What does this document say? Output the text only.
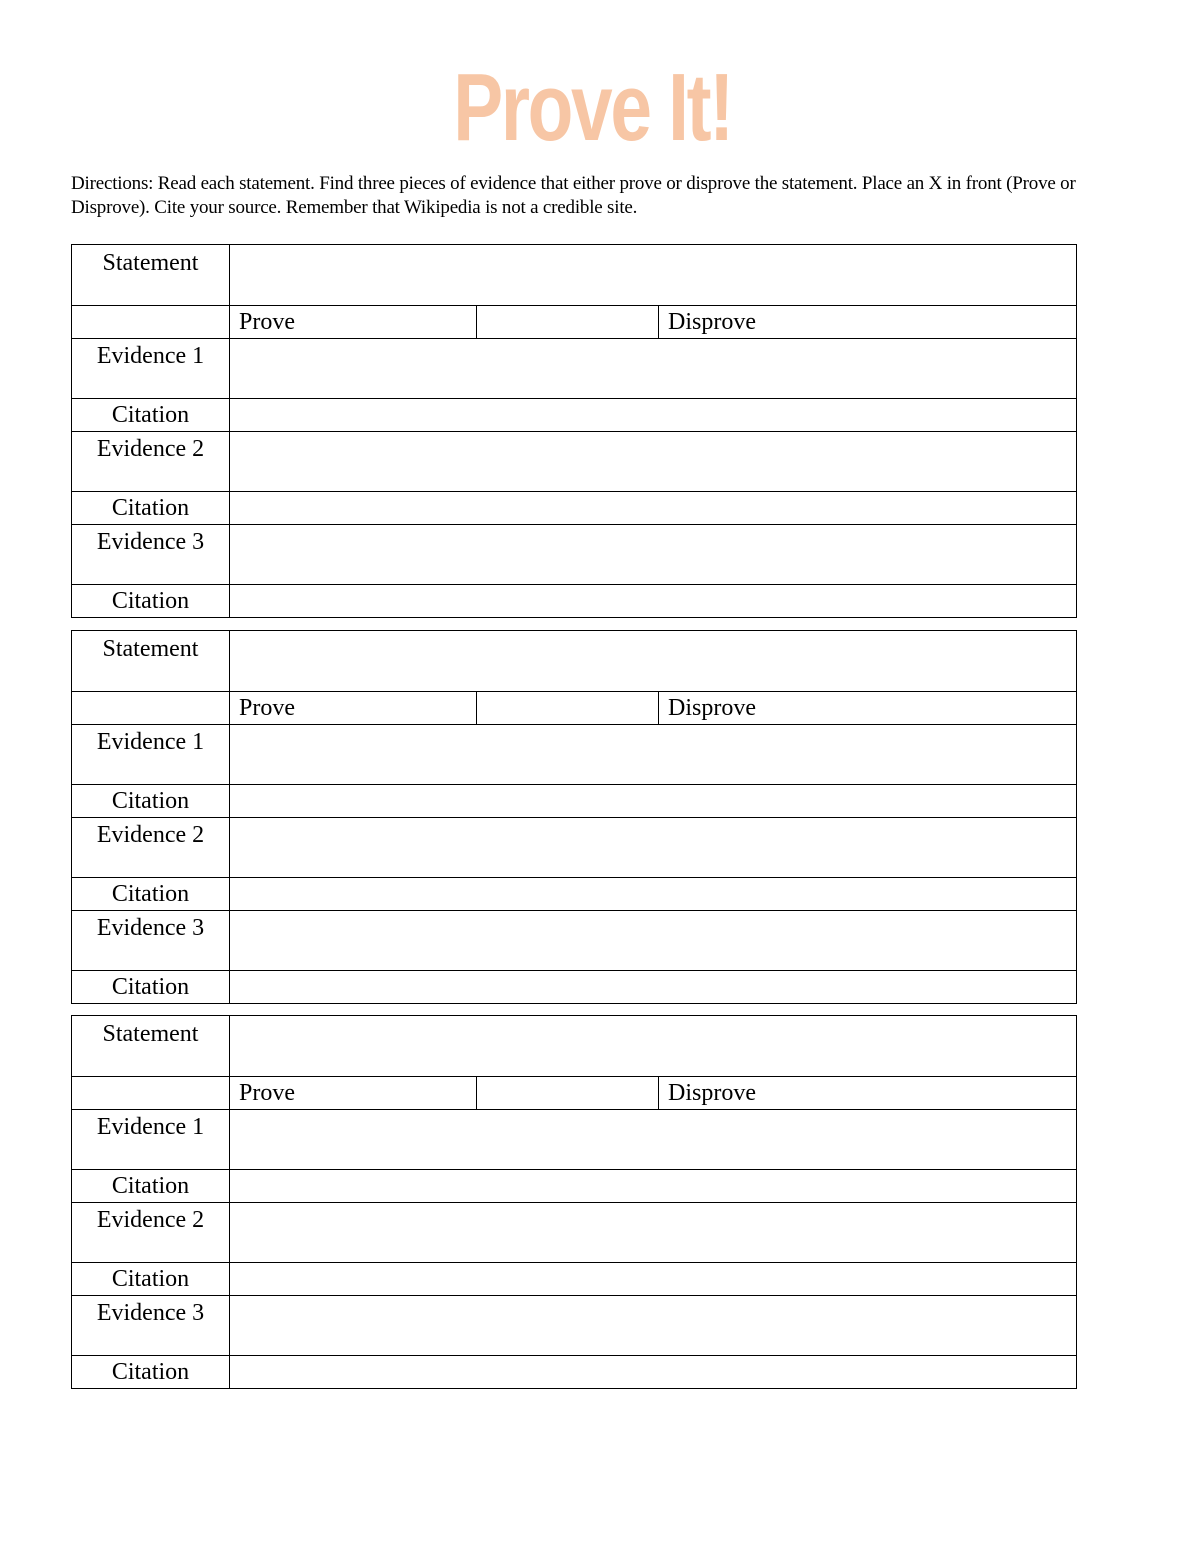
Prove It!
Directions: Read each statement. Find three pieces of evidence that either prove or disprove the statement. Place an X in front (Prove or Disprove). Cite your source. Remember that Wikipedia is not a credible site.
Statement	

Prove		Disprove

Evidence 1	
Citation	
Evidence 2	
Citation	
Evidence 3	
Citation	
Statement	

Prove		Disprove

Evidence 1	
Citation	
Evidence 2	
Citation	
Evidence 3	
Citation	
Statement	

Prove		Disprove

Evidence 1	
Citation	
Evidence 2	
Citation	
Evidence 3	
Citation	
